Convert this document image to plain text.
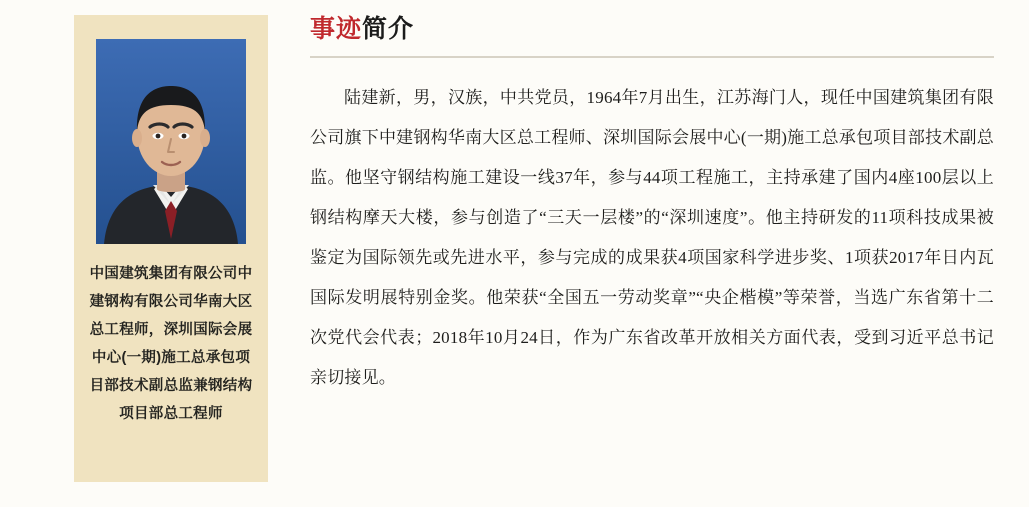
中国建筑集团有限公司中建钢构有限公司华南大区总工程师，深圳国际会展中心(一期)施工总承包项目部技术副总监兼钢结构项目部总工程师
事迹简介
陆建新，男，汉族，中共党员，1964年7月出生，江苏海门人，现任中国建筑集团有限公司旗下中建钢构华南大区总工程师、深圳国际会展中心(一期)施工总承包项目部技术副总监。他坚守钢结构施工建设一线37年，参与44项工程施工，主持承建了国内4座100层以上钢结构摩天大楼，参与创造了“三天一层楼”的“深圳速度”。他主持研发的11项科技成果被鉴定为国际领先或先进水平，参与完成的成果获4项国家科学进步奖、1项获2017年日内瓦国际发明展特别金奖。他荣获“全国五一劳动奖章”“央企楷模”等荣誉，当选广东省第十二次党代会代表；2018年10月24日，作为广东省改革开放相关方面代表，受到习近平总书记亲切接见。
